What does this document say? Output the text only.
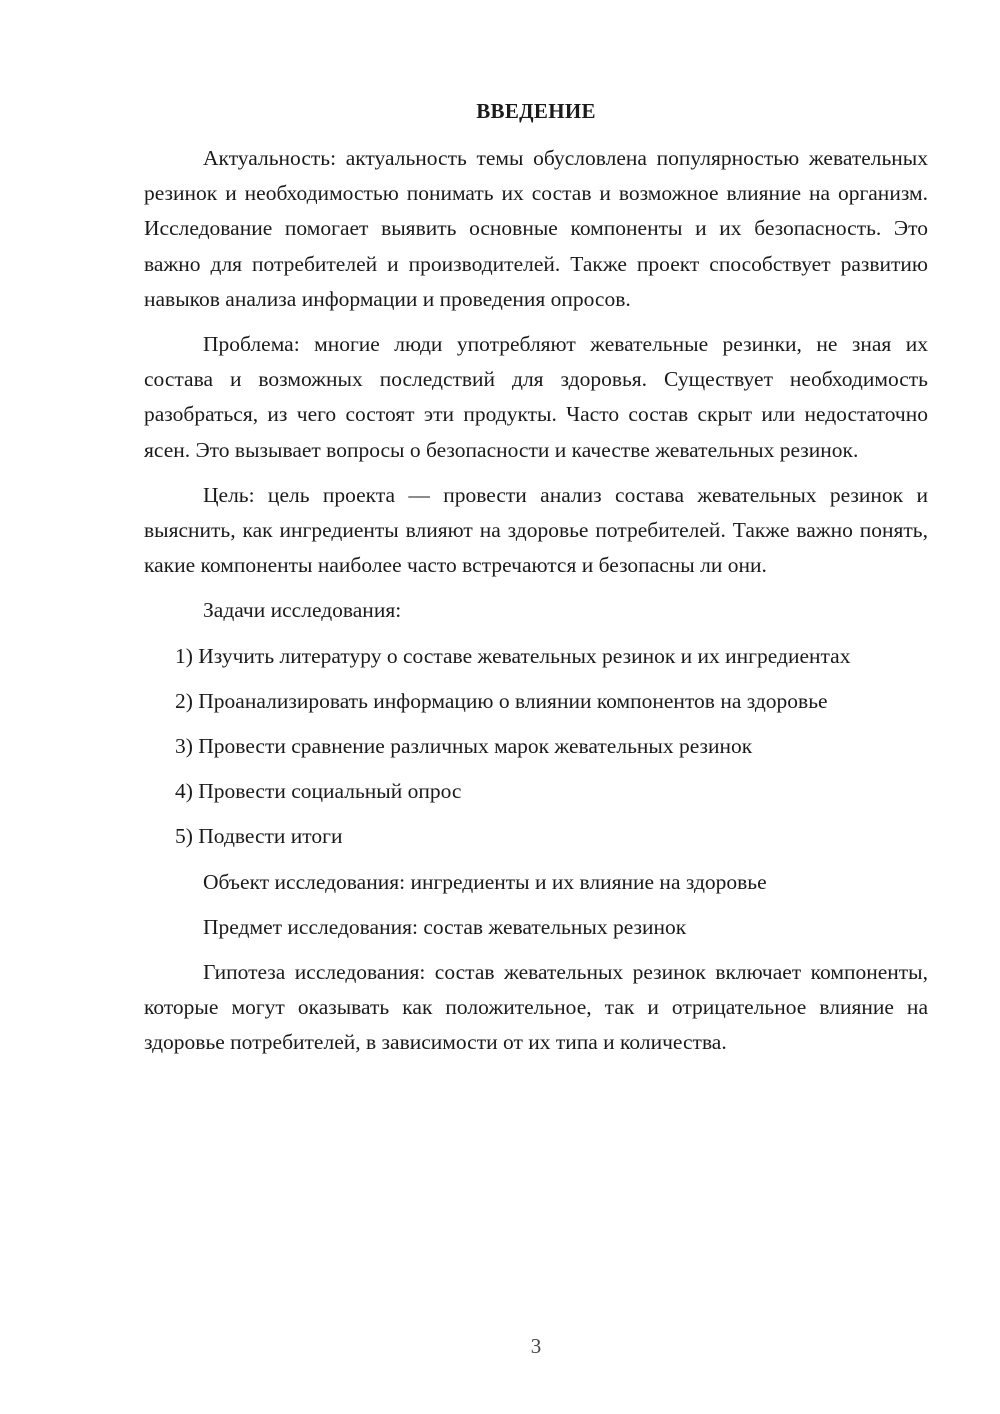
ВВЕДЕНИЕ

Актуальность: актуальность темы обусловлена популярностью жевательных резинок и необходимостью понимать их состав и возможное влияние на организм. Исследование помогает выявить основные компоненты и их безопасность. Это важно для потребителей и производителей. Также проект способствует развитию навыков анализа информации и проведения опросов.

Проблема: многие люди употребляют жевательные резинки, не зная их состава и возможных последствий для здоровья. Существует необходимость разобраться, из чего состоят эти продукты. Часто состав скрыт или недостаточно ясен. Это вызывает вопросы о безопасности и качестве жевательных резинок.

Цель: цель проекта — провести анализ состава жевательных резинок и выяснить, как ингредиенты влияют на здоровье потребителей. Также важно понять, какие компоненты наиболее часто встречаются и безопасны ли они.

Задачи исследования:

1) Изучить литературу о составе жевательных резинок и их ингредиентах

2) Проанализировать информацию о влиянии компонентов на здоровье

3) Провести сравнение различных марок жевательных резинок

4) Провести социальный опрос

5) Подвести итоги

Объект исследования: ингредиенты и их влияние на здоровье

Предмет исследования: состав жевательных резинок

Гипотеза исследования: состав жевательных резинок включает компоненты, которые могут оказывать как положительное, так и отрицательное влияние на здоровье потребителей, в зависимости от их типа и количества.

3
